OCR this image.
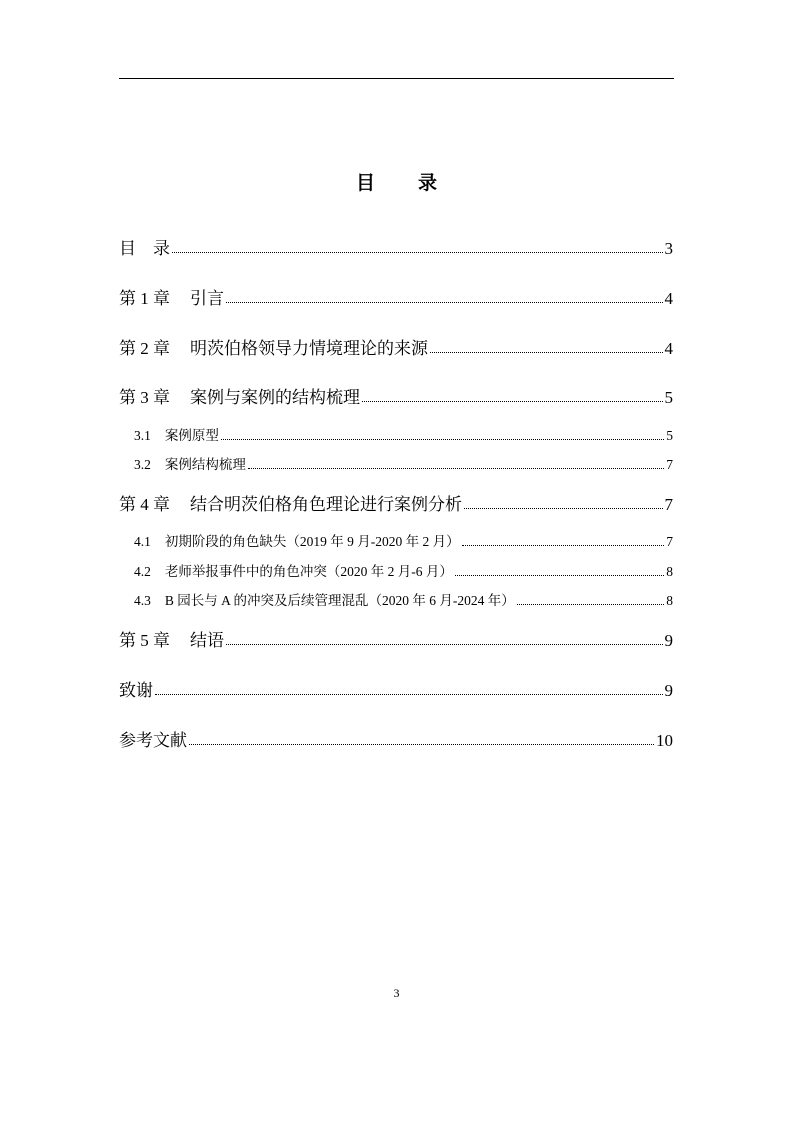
目　录
目　录	3
第 1 章	引言	4
第 2 章	明茨伯格领导力情境理论的来源	4
第 3 章	案例与案例的结构梳理	5
3.1	案例原型	5
3.2	案例结构梳理	7
第 4 章	结合明茨伯格角色理论进行案例分析	7
4.1	初期阶段的角色缺失（2019 年 9 月-2020 年 2 月）	7
4.2	老师举报事件中的角色冲突（2020 年 2 月-6 月）	8
4.3	B 园长与 A 的冲突及后续管理混乱（2020 年 6 月-2024 年）	8
第 5 章	结语	9
致谢	9
参考文献	10
3
